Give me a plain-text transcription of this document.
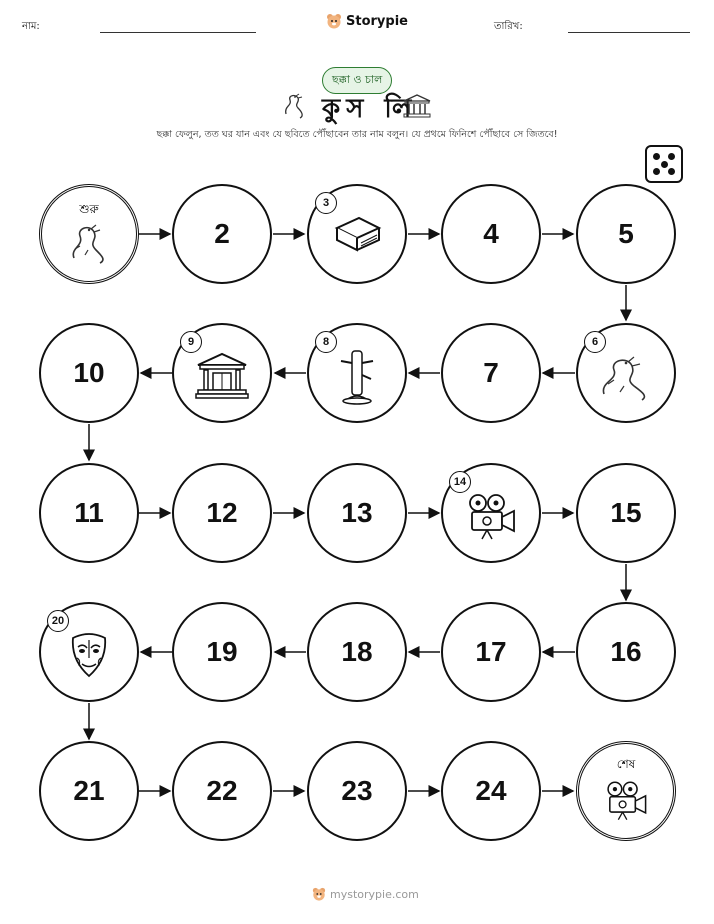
নাম:	Storypie	তারিখ:
ছক্কা ও চাল
কুস লি
ছক্কা ফেলুন, তত ঘর যান এবং যে ছবিতে পৌঁছাবেন তার নাম বলুন। যে প্রথমে ফিনিশে পৌঁছাবে সে জিতবে!
শুরু
2
3
4	5
10
9	8
7
6
11	12	13
14
15
20
19	18	17	16
21	22	23	24
শেষ
mystorypie.com
